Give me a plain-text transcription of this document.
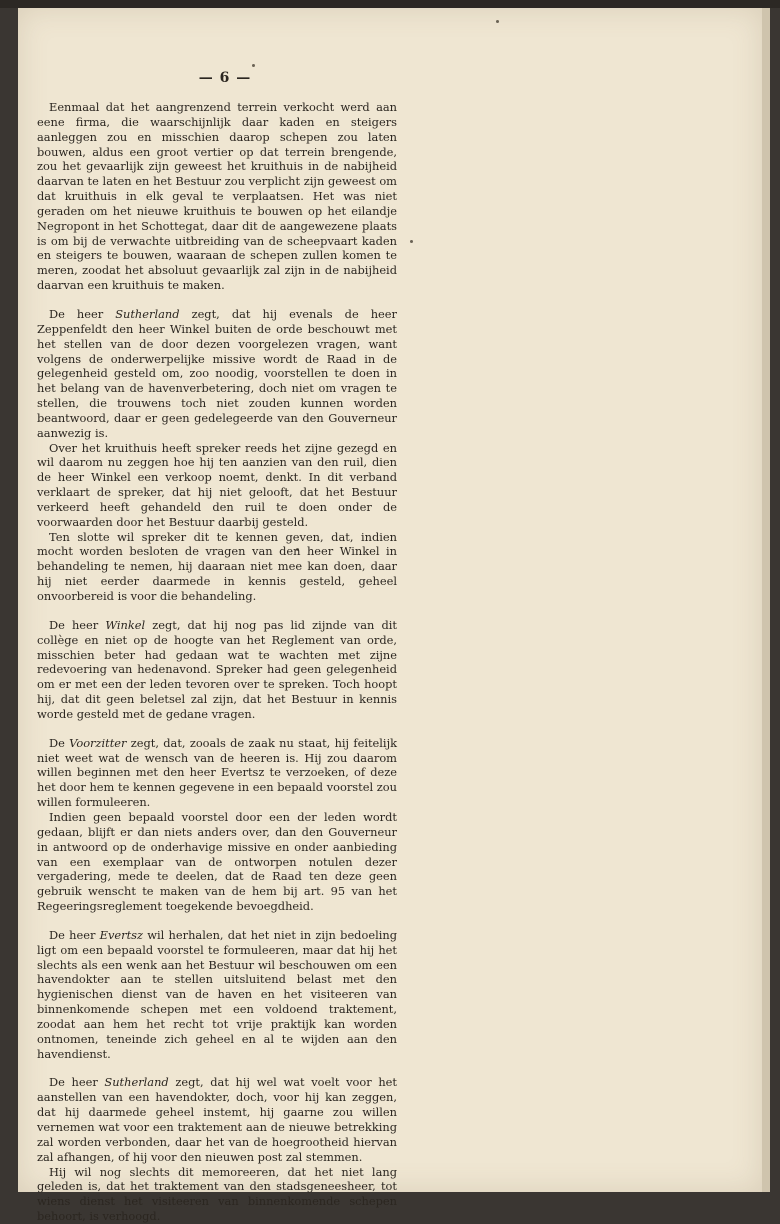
— 6 —

Eenmaal dat het aangrenzend terrein verkocht werd aan eene firma, die waarschijnlijk daar kaden en steigers aanleggen zou en misschien daarop schepen zou laten bouwen, aldus een groot vertier op dat terrein brengende, zou het gevaarlijk zijn geweest het kruithuis in de nabijheid daarvan te laten en het Bestuur zou verplicht zijn geweest om dat kruithuis in elk geval te verplaatsen. Het was niet geraden om het nieuwe kruithuis te bouwen op het eilandje Negropont in het Schottegat, daar dit de aangewezene plaats is om bij de verwachte uitbreiding van de scheepvaart kaden en steigers te bouwen, waaraan de schepen zullen komen te meren, zoodat het absoluut gevaarlijk zal zijn in de nabijheid daarvan een kruithuis te maken.

De heer Sutherland zegt, dat hij evenals de heer Zeppenfeldt den heer Winkel buiten de orde beschouwt met het stellen van de door dezen voorgelezen vragen, want volgens de onderwerpelijke missive wordt de Raad in de gelegenheid gesteld om, zoo noodig, voorstellen te doen in het belang van de havenverbetering, doch niet om vragen te stellen, die trouwens toch niet zouden kunnen worden beantwoord, daar er geen gedelegeerde van den Gouverneur aanwezig is.

Over het kruithuis heeft spreker reeds het zijne gezegd en wil daarom nu zeggen hoe hij ten aanzien van den ruil, dien de heer Winkel een verkoop noemt, denkt. In dit verband verklaart de spreker, dat hij niet gelooft, dat het Bestuur verkeerd heeft gehandeld den ruil te doen onder de voorwaarden door het Bestuur daarbij gesteld.

Ten slotte wil spreker dit te kennen geven, dat, indien mocht worden besloten de vragen van den heer Winkel in behandeling te nemen, hij daaraan niet mee kan doen, daar hij niet eerder daarmede in kennis gesteld, geheel onvoorbereid is voor die behandeling.

De heer Winkel zegt, dat hij nog pas lid zijnde van dit collège en niet op de hoogte van het Reglement van orde, misschien beter had gedaan wat te wachten met zijne redevoering van hedenavond. Spreker had geen gelegenheid om er met een der leden tevoren over te spreken. Toch hoopt hij, dat dit geen beletsel zal zijn, dat het Bestuur in kennis worde gesteld met de gedane vragen.

De Voorzitter zegt, dat, zooals de zaak nu staat, hij feitelijk niet weet wat de wensch van de heeren is. Hij zou daarom willen beginnen met den heer Evertsz te verzoeken, of deze het door hem te kennen gegevene in een bepaald voorstel zou willen formuleeren.

Indien geen bepaald voorstel door een der leden wordt gedaan, blijft er dan niets anders over, dan den Gouverneur in antwoord op de onderhavige missive en onder aanbieding van een exemplaar van de ontworpen notulen dezer vergadering, mede te deelen, dat de Raad ten deze geen gebruik wenscht te maken van de hem bij art. 95 van het Regeeringsreglement toegekende bevoegdheid.

De heer Evertsz wil herhalen, dat het niet in zijn bedoeling ligt om een bepaald voorstel te formuleeren, maar dat hij het slechts als een wenk aan het Bestuur wil beschouwen om een havendokter aan te stellen uitsluitend belast met den hygienischen dienst van de haven en het visiteeren van binnenkomende schepen met een voldoend traktement, zoodat aan hem het recht tot vrije praktijk kan worden ontnomen, teneinde zich geheel en al te wijden aan den havendienst.

De heer Sutherland zegt, dat hij wel wat voelt voor het aanstellen van een havendokter, doch, voor hij kan zeggen, dat hij daarmede geheel instemt, hij gaarne zou willen vernemen wat voor een traktement aan de nieuwe betrekking zal worden verbonden, daar het van de hoegrootheid hiervan zal afhangen, of hij voor den nieuwen post zal stemmen.

Hij wil nog slechts dit memoreeren, dat het niet lang geleden is, dat het traktement van den stadsgeneesheer, tot wiens dienst het visiteeren van binnenkomende schepen behoort, is verhoogd.
